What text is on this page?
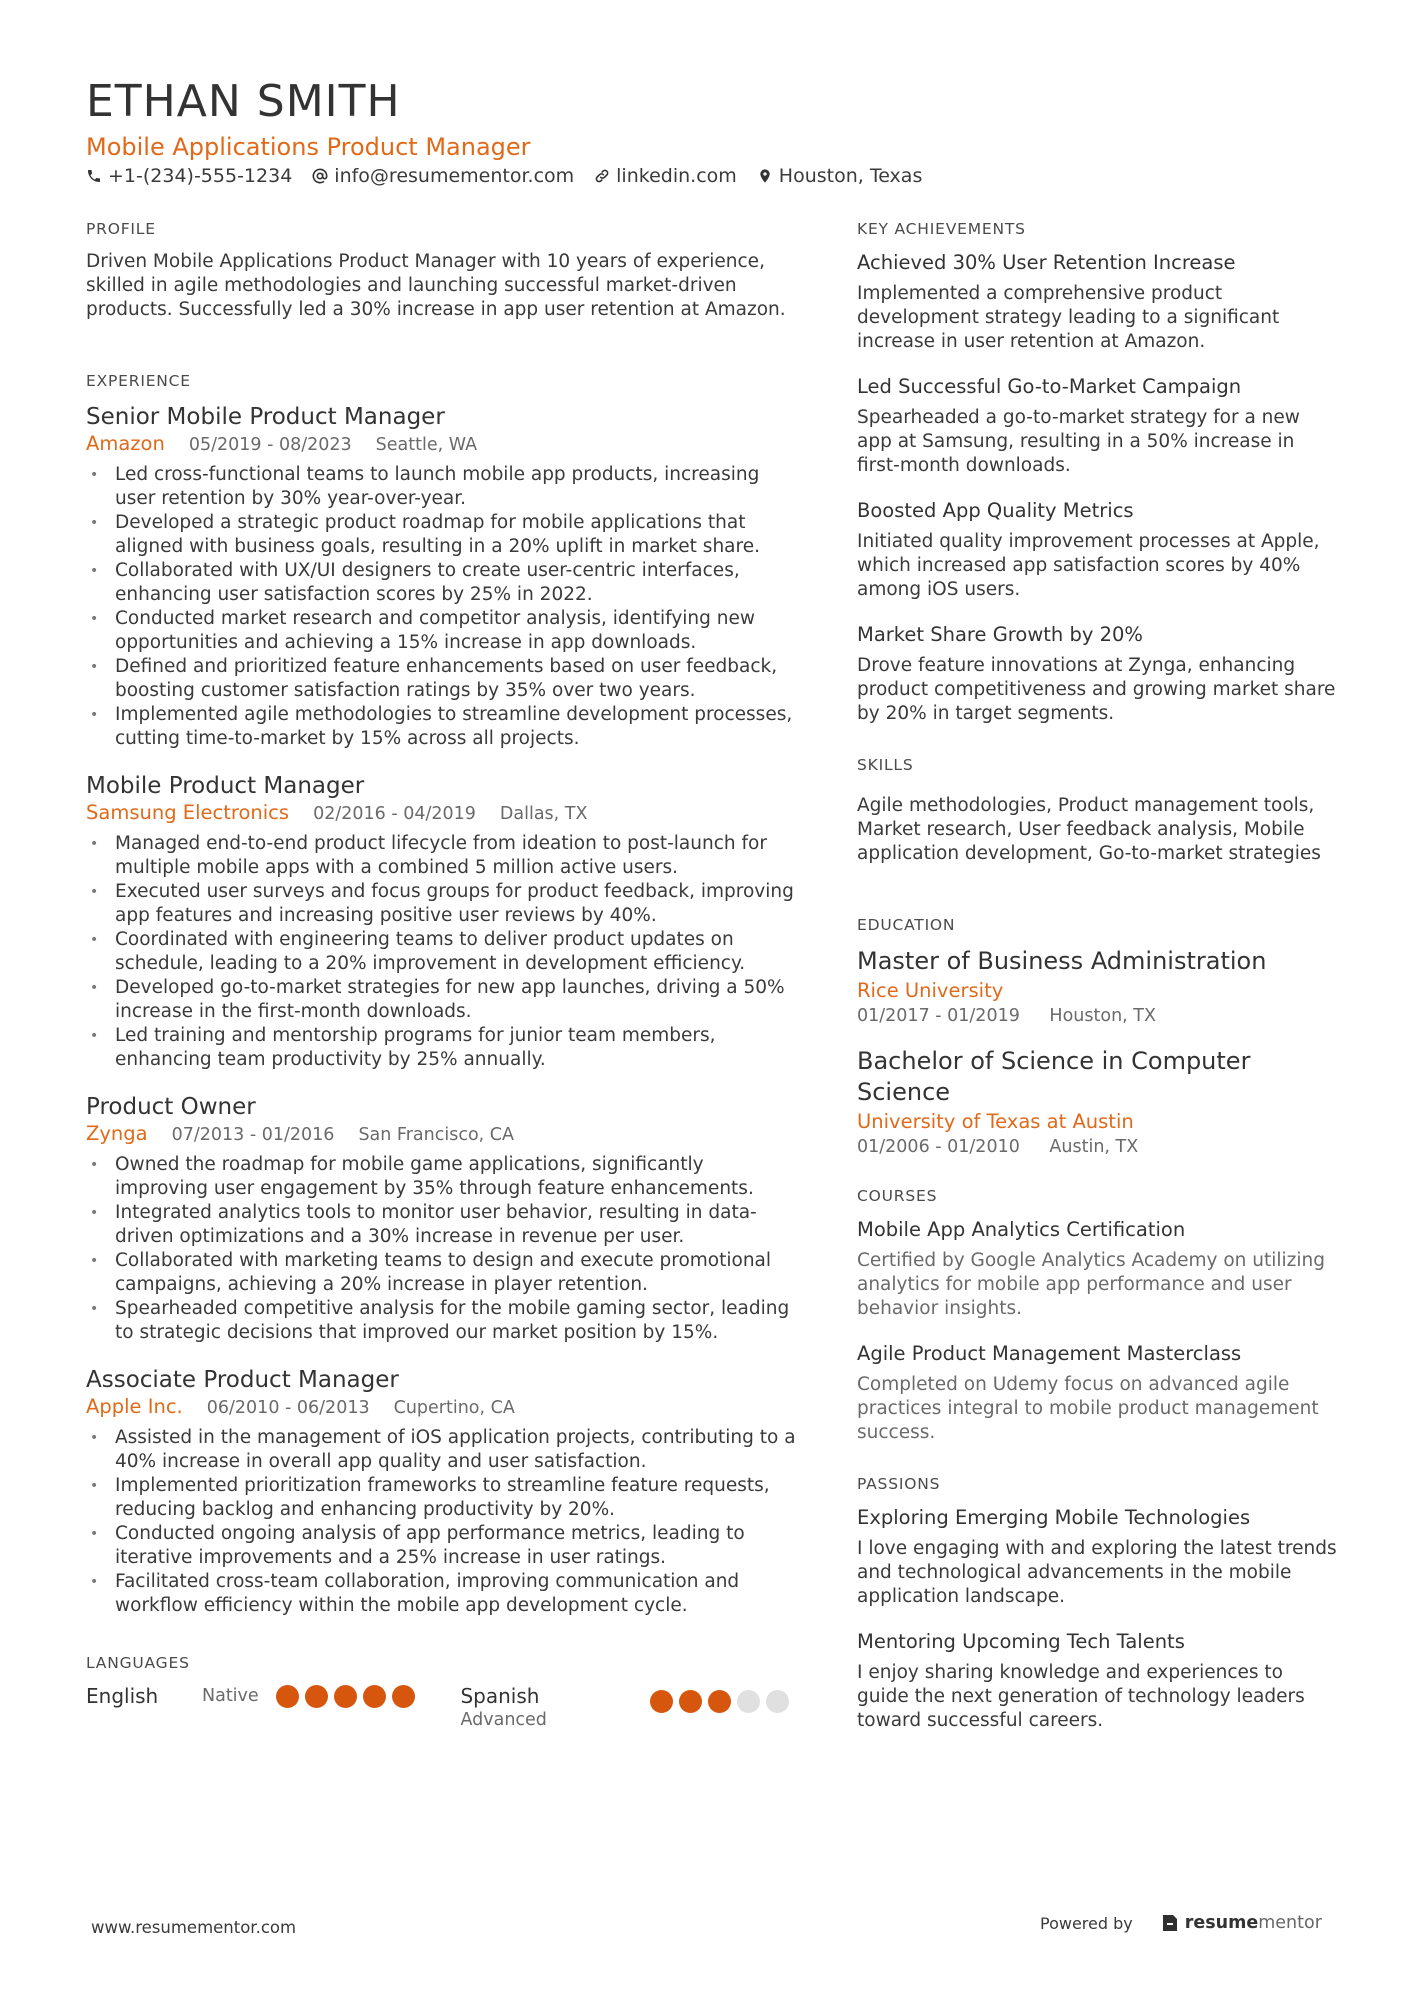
ETHAN SMITH
Mobile Applications Product Manager
+1-(234)-555-1234 info@resumementor.com linkedin.com Houston, Texas
PROFILE
Driven Mobile Applications Product Manager with 10 years of experience, skilled in agile methodologies and launching successful market-driven products. Successfully led a 30% increase in app user retention at Amazon.
EXPERIENCE
Senior Mobile Product Manager
Amazon 05/2019 - 08/2023 Seattle, WA
• Led cross-functional teams to launch mobile app products, increasing user retention by 30% year-over-year.
• Developed a strategic product roadmap for mobile applications that aligned with business goals, resulting in a 20% uplift in market share.
• Collaborated with UX/UI designers to create user-centric interfaces, enhancing user satisfaction scores by 25% in 2022.
• Conducted market research and competitor analysis, identifying new opportunities and achieving a 15% increase in app downloads.
• Defined and prioritized feature enhancements based on user feedback, boosting customer satisfaction ratings by 35% over two years.
• Implemented agile methodologies to streamline development processes, cutting time-to-market by 15% across all projects.
Mobile Product Manager
Samsung Electronics 02/2016 - 04/2019 Dallas, TX
• Managed end-to-end product lifecycle from ideation to post-launch for multiple mobile apps with a combined 5 million active users.
• Executed user surveys and focus groups for product feedback, improving app features and increasing positive user reviews by 40%.
• Coordinated with engineering teams to deliver product updates on schedule, leading to a 20% improvement in development efficiency.
• Developed go-to-market strategies for new app launches, driving a 50% increase in the first-month downloads.
• Led training and mentorship programs for junior team members, enhancing team productivity by 25% annually.
Product Owner
Zynga 07/2013 - 01/2016 San Francisco, CA
• Owned the roadmap for mobile game applications, significantly improving user engagement by 35% through feature enhancements.
• Integrated analytics tools to monitor user behavior, resulting in data-driven optimizations and a 30% increase in revenue per user.
• Collaborated with marketing teams to design and execute promotional campaigns, achieving a 20% increase in player retention.
• Spearheaded competitive analysis for the mobile gaming sector, leading to strategic decisions that improved our market position by 15%.
Associate Product Manager
Apple Inc. 06/2010 - 06/2013 Cupertino, CA
• Assisted in the management of iOS application projects, contributing to a 40% increase in overall app quality and user satisfaction.
• Implemented prioritization frameworks to streamline feature requests, reducing backlog and enhancing productivity by 20%.
• Conducted ongoing analysis of app performance metrics, leading to iterative improvements and a 25% increase in user ratings.
• Facilitated cross-team collaboration, improving communication and workflow efficiency within the mobile app development cycle.
LANGUAGES
English	Native	Spanish
Advanced
KEY ACHIEVEMENTS
Achieved 30% User Retention Increase
Implemented a comprehensive product development strategy leading to a significant increase in user retention at Amazon.
Led Successful Go-to-Market Campaign
Spearheaded a go-to-market strategy for a new app at Samsung, resulting in a 50% increase in first-month downloads.
Boosted App Quality Metrics
Initiated quality improvement processes at Apple, which increased app satisfaction scores by 40% among iOS users.
Market Share Growth by 20%
Drove feature innovations at Zynga, enhancing product competitiveness and growing market share by 20% in target segments.
SKILLS
Agile methodologies, Product management tools, Market research, User feedback analysis, Mobile application development, Go-to-market strategies
EDUCATION
Master of Business Administration
Rice University
01/2017 - 01/2019 Houston, TX
Bachelor of Science in Computer Science
University of Texas at Austin
01/2006 - 01/2010 Austin, TX
COURSES
Mobile App Analytics Certification
Certified by Google Analytics Academy on utilizing analytics for mobile app performance and user behavior insights.
Agile Product Management Masterclass
Completed on Udemy focus on advanced agile practices integral to mobile product management success.
PASSIONS
Exploring Emerging Mobile Technologies
I love engaging with and exploring the latest trends and technological advancements in the mobile application landscape.
Mentoring Upcoming Tech Talents
I enjoy sharing knowledge and experiences to guide the next generation of technology leaders toward successful careers.
www.resumementor.com	Powered by	resume mentor
